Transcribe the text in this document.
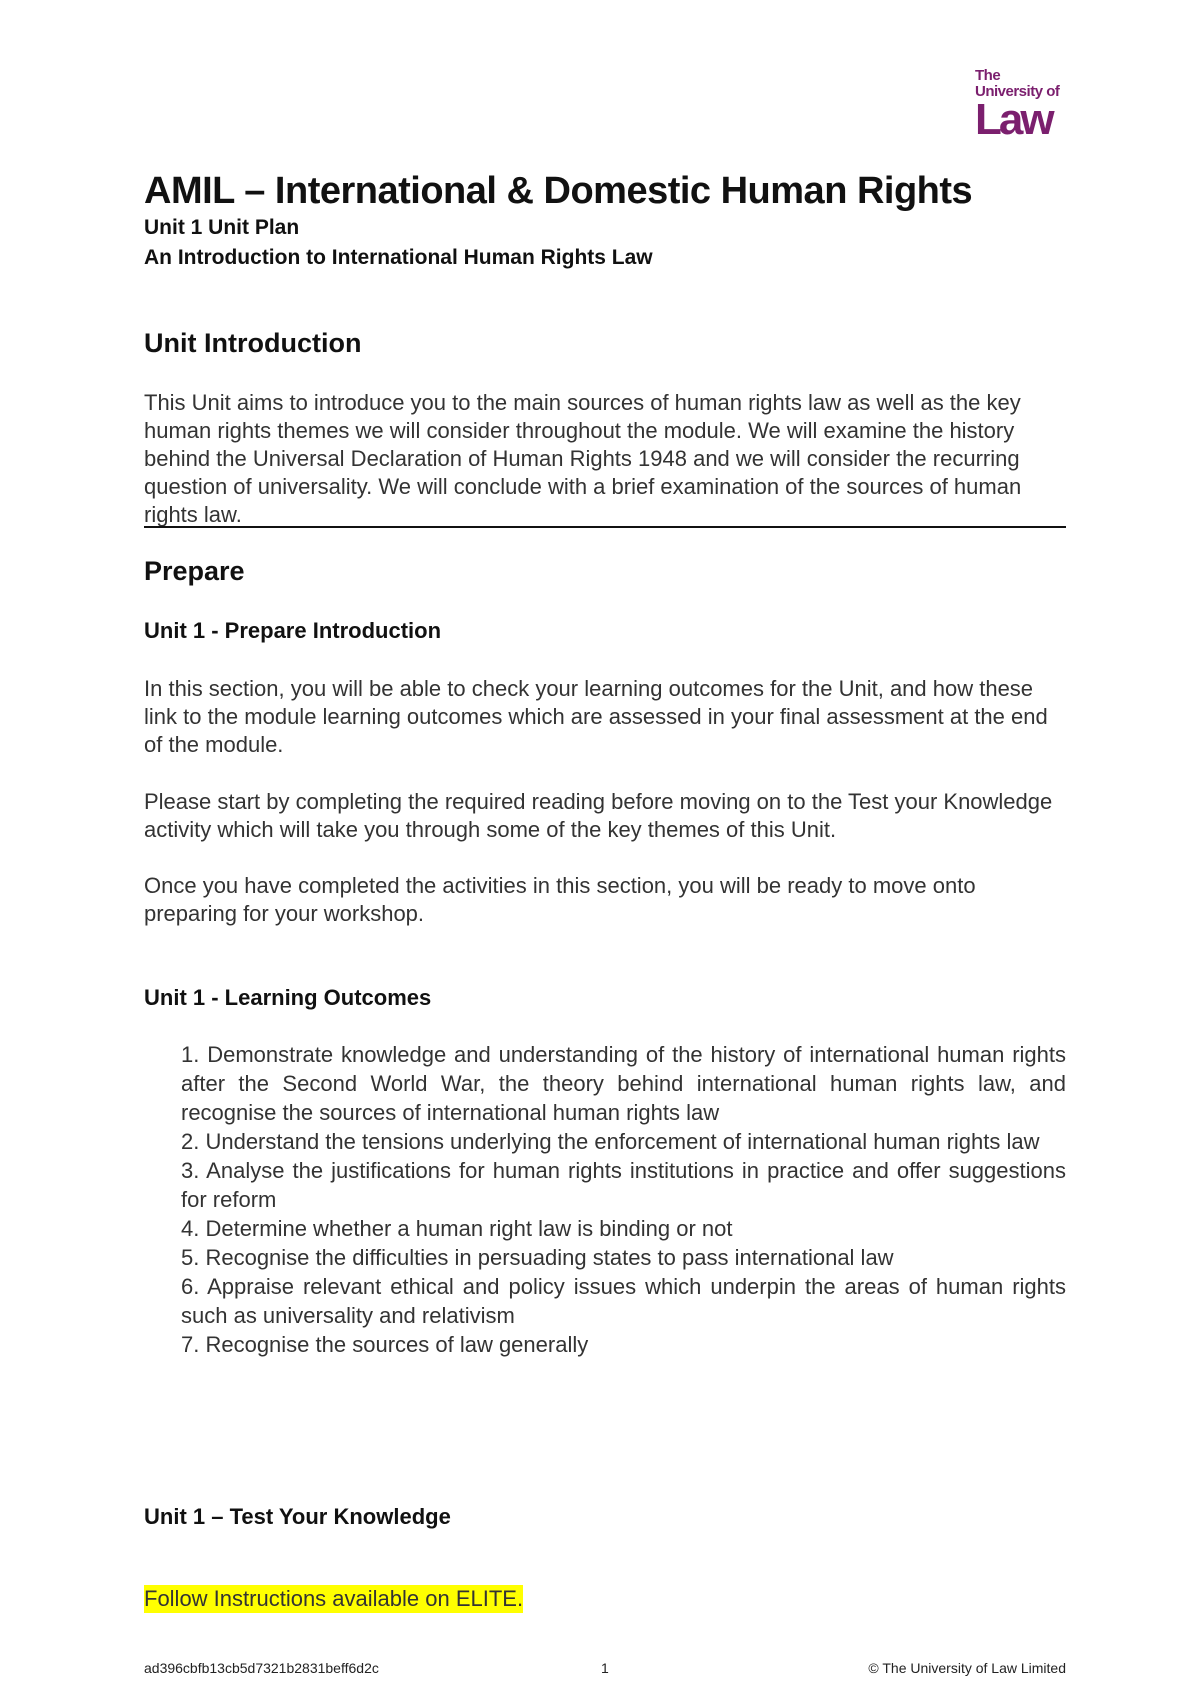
The
University of
Law
AMIL – International & Domestic Human Rights
Unit 1 Unit Plan
An Introduction to International Human Rights Law
Unit Introduction
This Unit aims to introduce you to the main sources of human rights law as well as the key human rights themes we will consider throughout the module. We will examine the history behind the Universal Declaration of Human Rights 1948 and we will consider the recurring question of universality. We will conclude with a brief examination of the sources of human rights law.
Prepare
Unit 1 - Prepare Introduction
In this section, you will be able to check your learning outcomes for the Unit, and how these link to the module learning outcomes which are assessed in your final assessment at the end of the module.
Please start by completing the required reading before moving on to the Test your Knowledge activity which will take you through some of the key themes of this Unit.
Once you have completed the activities in this section, you will be ready to move onto preparing for your workshop.
Unit 1 - Learning Outcomes
1. Demonstrate knowledge and understanding of the history of international human rights after the Second World War, the theory behind international human rights law, and recognise the sources of international human rights law
2. Understand the tensions underlying the enforcement of international human rights law
3. Analyse the justifications for human rights institutions in practice and offer suggestions for reform
4. Determine whether a human right law is binding or not
5. Recognise the difficulties in persuading states to pass international law
6. Appraise relevant ethical and policy issues which underpin the areas of human rights such as universality and relativism
7. Recognise the sources of law generally
Unit 1 – Test Your Knowledge
Follow Instructions available on ELITE.
ad396cbfb13cb5d7321b2831beff6d2c	1	© The University of Law Limited
